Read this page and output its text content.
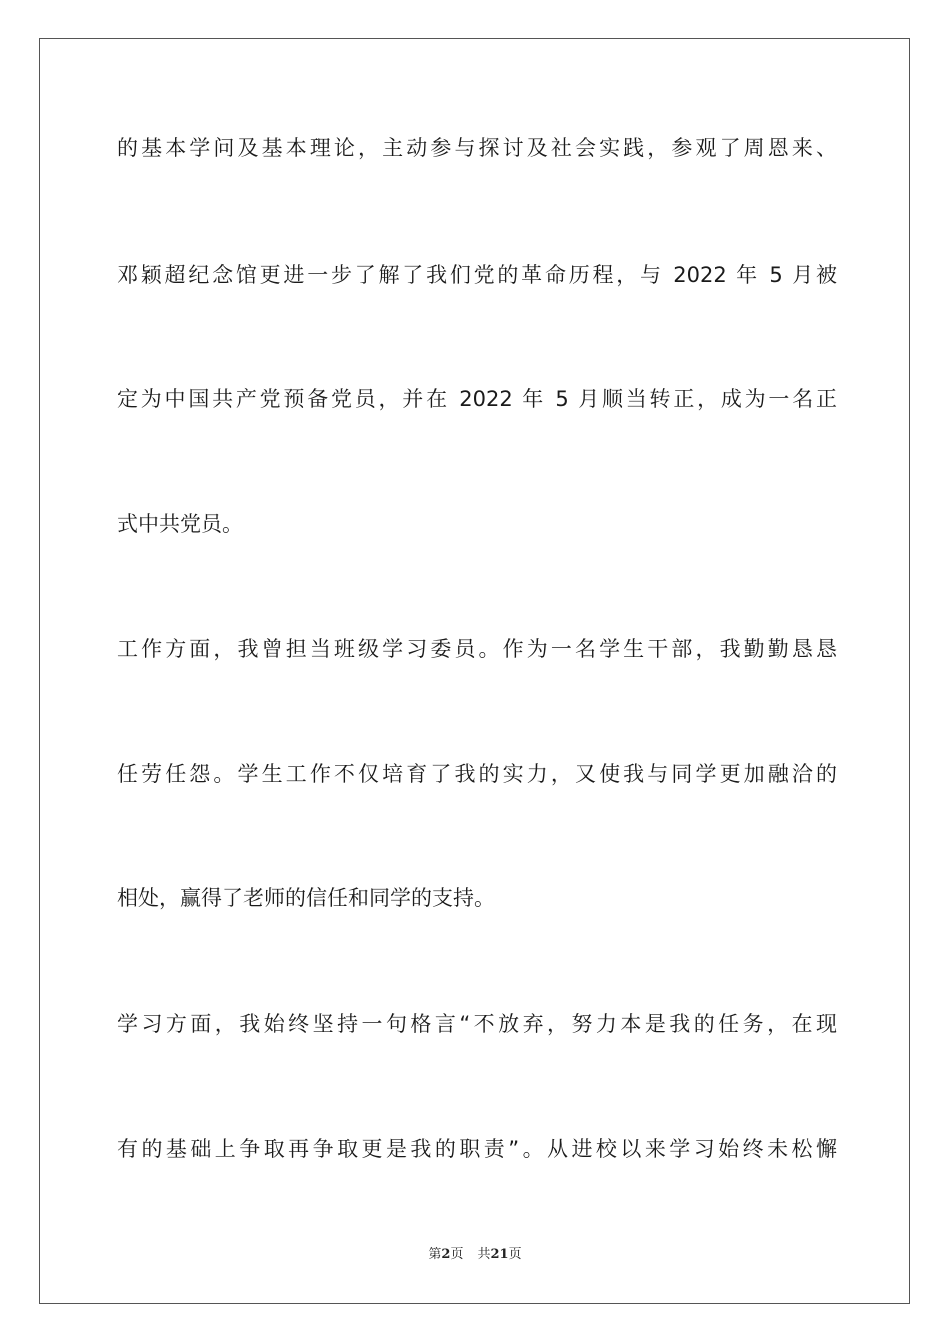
的基本学问及基本理论，主动参与探讨及社会实践，参观了周恩来、
邓颖超纪念馆更进一步了解了我们党的革命历程，与 2022 年 5 月被
定为中国共产党预备党员，并在 2022 年 5 月顺当转正，成为一名正
式中共党员。
工作方面，我曾担当班级学习委员。作为一名学生干部，我勤勤恳恳
任劳任怨。学生工作不仅培育了我的实力，又使我与同学更加融洽的
相处，赢得了老师的信任和同学的支持。
学习方面，我始终坚持一句格言“不放弃，努力本是我的任务，在现
有的基础上争取再争取更是我的职责”。从进校以来学习始终未松懈
第2页 共21页
